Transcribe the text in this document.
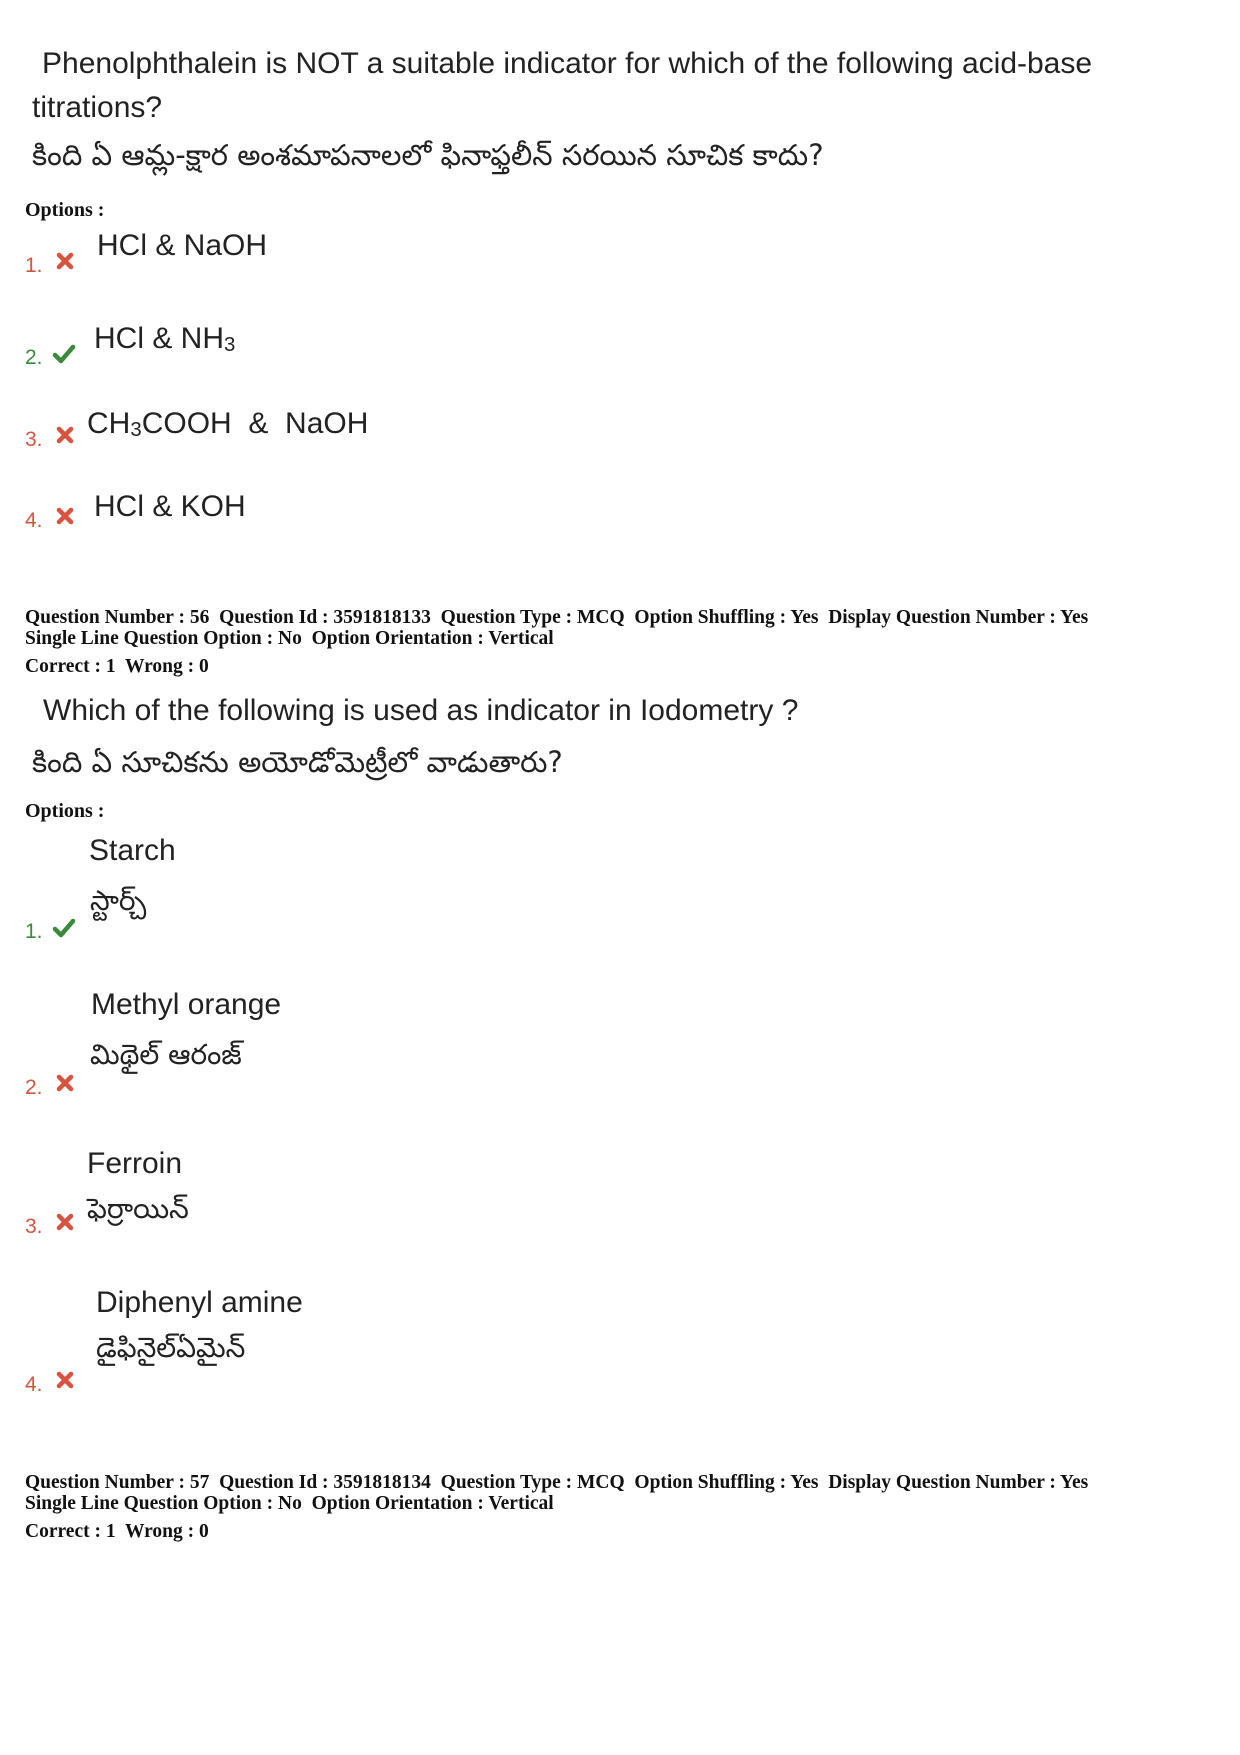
Phenolphthalein is NOT a suitable indicator for which of the following acid-base
titrations?
కింది ఏ ఆమ్ల-క్షార అంశమాపనాలలో ఫినాఫ్తలీన్ సరయిన సూచిక కాదు?
Options :
1.
HCl & NaOH
2.
HCl & $NH_3$
3. $CH_3COOH$  &  NaOH
4. HCl & KOH
Question Number : 56  Question Id : 3591818133  Question Type : MCQ  Option Shuffling : Yes  Display Question Number : Yes
Single Line Question Option : No  Option Orientation : Vertical
Correct : 1  Wrong : 0
Which of the following is used as indicator in Iodometry ?
కింది ఏ సూచికను అయోడోమెట్రీలో వాడుతారు?
Options :
Starch
స్టార్చ్
1.
Methyl orange
మిథైల్ ఆరంజ్
2.
Ferroin
ఫెర్రాయిన్
3.
Diphenyl amine
డైఫినైల్ఏమైన్
4.
Question Number : 57  Question Id : 3591818134  Question Type : MCQ  Option Shuffling : Yes  Display Question Number : Yes
Single Line Question Option : No  Option Orientation : Vertical
Correct : 1  Wrong : 0
